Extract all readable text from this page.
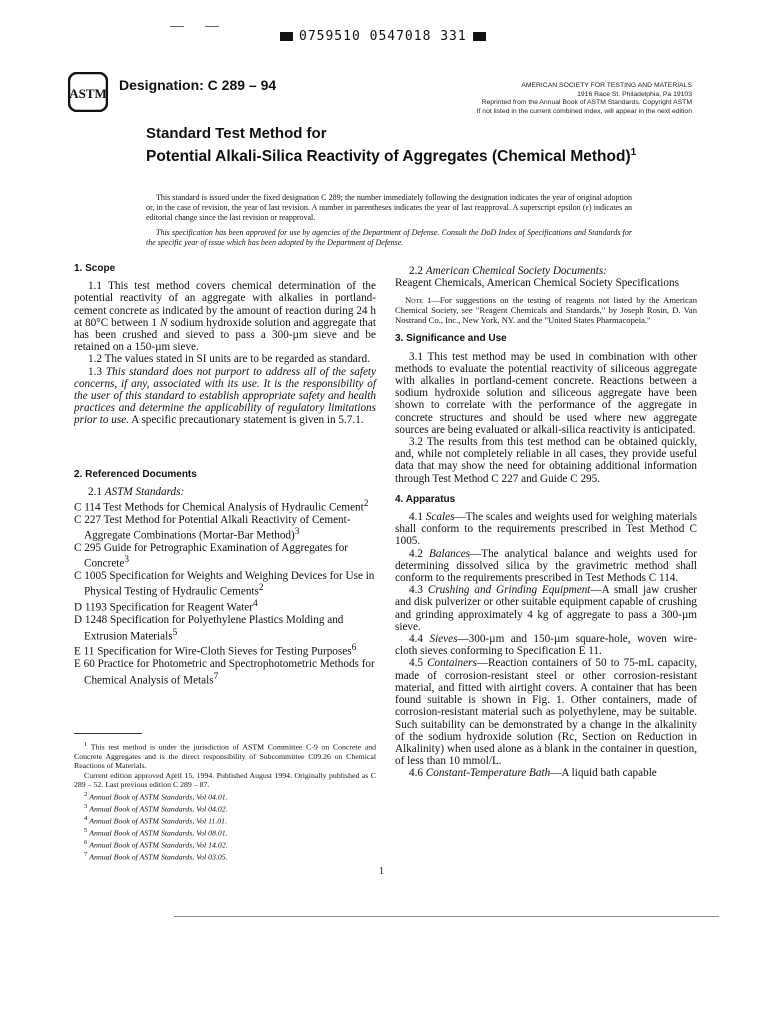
0759510 0547018 331
ASTM
Designation: C 289 – 94	AMERICAN SOCIETY FOR TESTING AND MATERIALS
1916 Race St. Philadelphia, Pa 19103
Reprinted from the Annual Book of ASTM Standards. Copyright ASTM
If not listed in the current combined index, will appear in the next edition
Standard Test Method for
Potential Alkali-Silica Reactivity of Aggregates (Chemical Method)$^1$

This standard is issued under the fixed designation C 289; the number immediately following the designation indicates the year of original adoption or, in the case of revision, the year of last revision. A number in parentheses indicates the year of last reapproval. A superscript epsilon (ε) indicates an editorial change since the last revision or reapproval.

This specification has been approved for use by agencies of the Department of Defense. Consult the DoD Index of Specifications and Standards for the specific year of issue which has been adopted by the Department of Defense.

1. Scope

1.1 This test method covers chemical determination of the potential reactivity of an aggregate with alkalies in portland-cement concrete as indicated by the amount of reaction during 24 h at 80°C between 1 N sodium hydroxide solution and aggregate that has been crushed and sieved to pass a 300-µm sieve and be retained on a 150-µm sieve.

1.2 The values stated in SI units are to be regarded as standard.

1.3 This standard does not purport to address all of the safety concerns, if any, associated with its use. It is the responsibility of the user of this standard to establish appropriate safety and health practices and determine the applicability of regulatory limitations prior to use. A specific precautionary statement is given in 5.7.1.

2. Referenced Documents

2.1 ASTM Standards:

C 114 Test Methods for Chemical Analysis of Hydraulic Cement$^2$

C 227 Test Method for Potential Alkali Reactivity of Cement-Aggregate Combinations (Mortar-Bar Method)$^3$

C 295 Guide for Petrographic Examination of Aggregates for Concrete$^3$

C 1005 Specification for Weights and Weighing Devices for Use in Physical Testing of Hydraulic Cements$^2$

D 1193 Specification for Reagent Water$^4$

D 1248 Specification for Polyethylene Plastics Molding and Extrusion Materials$^5$

E 11 Specification for Wire-Cloth Sieves for Testing Purposes$^6$

E 60 Practice for Photometric and Spectrophotometric Methods for Chemical Analysis of Metals$^7$

$^1$ This test method is under the jurisdiction of ASTM Committee C-9 on Concrete and Concrete Aggregates and is the direct responsibility of Subcommittee C09.26 on Chemical Reactions of Materials.

Current edition approved April 15, 1994. Published August 1994. Originally published as C 289 – 52. Last previous edition C 289 – 87.

$^2$ Annual Book of ASTM Standards, Vol 04.01.

$^3$ Annual Book of ASTM Standards, Vol 04.02.

$^4$ Annual Book of ASTM Standards, Vol 11.01.

$^5$ Annual Book of ASTM Standards, Vol 08.01.

$^6$ Annual Book of ASTM Standards, Vol 14.02.

$^7$ Annual Book of ASTM Standards, Vol 03.05.

2.2 American Chemical Society Documents:

Reagent Chemicals, American Chemical Society Specifications

Note 1—For suggestions on the testing of reagents not listed by the American Chemical Society, see "Reagent Chemicals and Standards," by Joseph Rosin, D. Van Nostrand Co., Inc., New York, NY. and the "United States Pharmacopeia."

3. Significance and Use

3.1 This test method may be used in combination with other methods to evaluate the potential reactivity of siliceous aggregate with alkalies in portland-cement concrete. Reactions between a sodium hydroxide solution and siliceous aggregate have been shown to correlate with the performance of the aggregate in concrete structures and should be used where new aggregate sources are being evaluated or alkali-silica reactivity is anticipated.

3.2 The results from this test method can be obtained quickly, and, while not completely reliable in all cases, they provide useful data that may show the need for obtaining additional information through Test Method C 227 and Guide C 295.

4. Apparatus

4.1 Scales—The scales and weights used for weighing materials shall conform to the requirements prescribed in Test Method C 1005.

4.2 Balances—The analytical balance and weights used for determining dissolved silica by the gravimetric method shall conform to the requirements prescribed in Test Methods C 114.

4.3 Crushing and Grinding Equipment—A small jaw crusher and disk pulverizer or other suitable equipment capable of crushing and grinding approximately 4 kg of aggregate to pass a 300-µm sieve.

4.4 Sieves—300-µm and 150-µm square-hole, woven wire-cloth sieves conforming to Specification E 11.

4.5 Containers—Reaction containers of 50 to 75-mL capacity, made of corrosion-resistant steel or other corrosion-resistant material, and fitted with airtight covers. A container that has been found suitable is shown in Fig. 1. Other containers, made of corrosion-resistant material such as polyethylene, may be suitable. Such suitability can be demonstrated by a change in the alkalinity of the sodium hydroxide solution (Rc, Section on Reduction in Alkalinity) when used alone as a blank in the container in question, of less than 10 mmol/L.

4.6 Constant-Temperature Bath—A liquid bath capable

1
